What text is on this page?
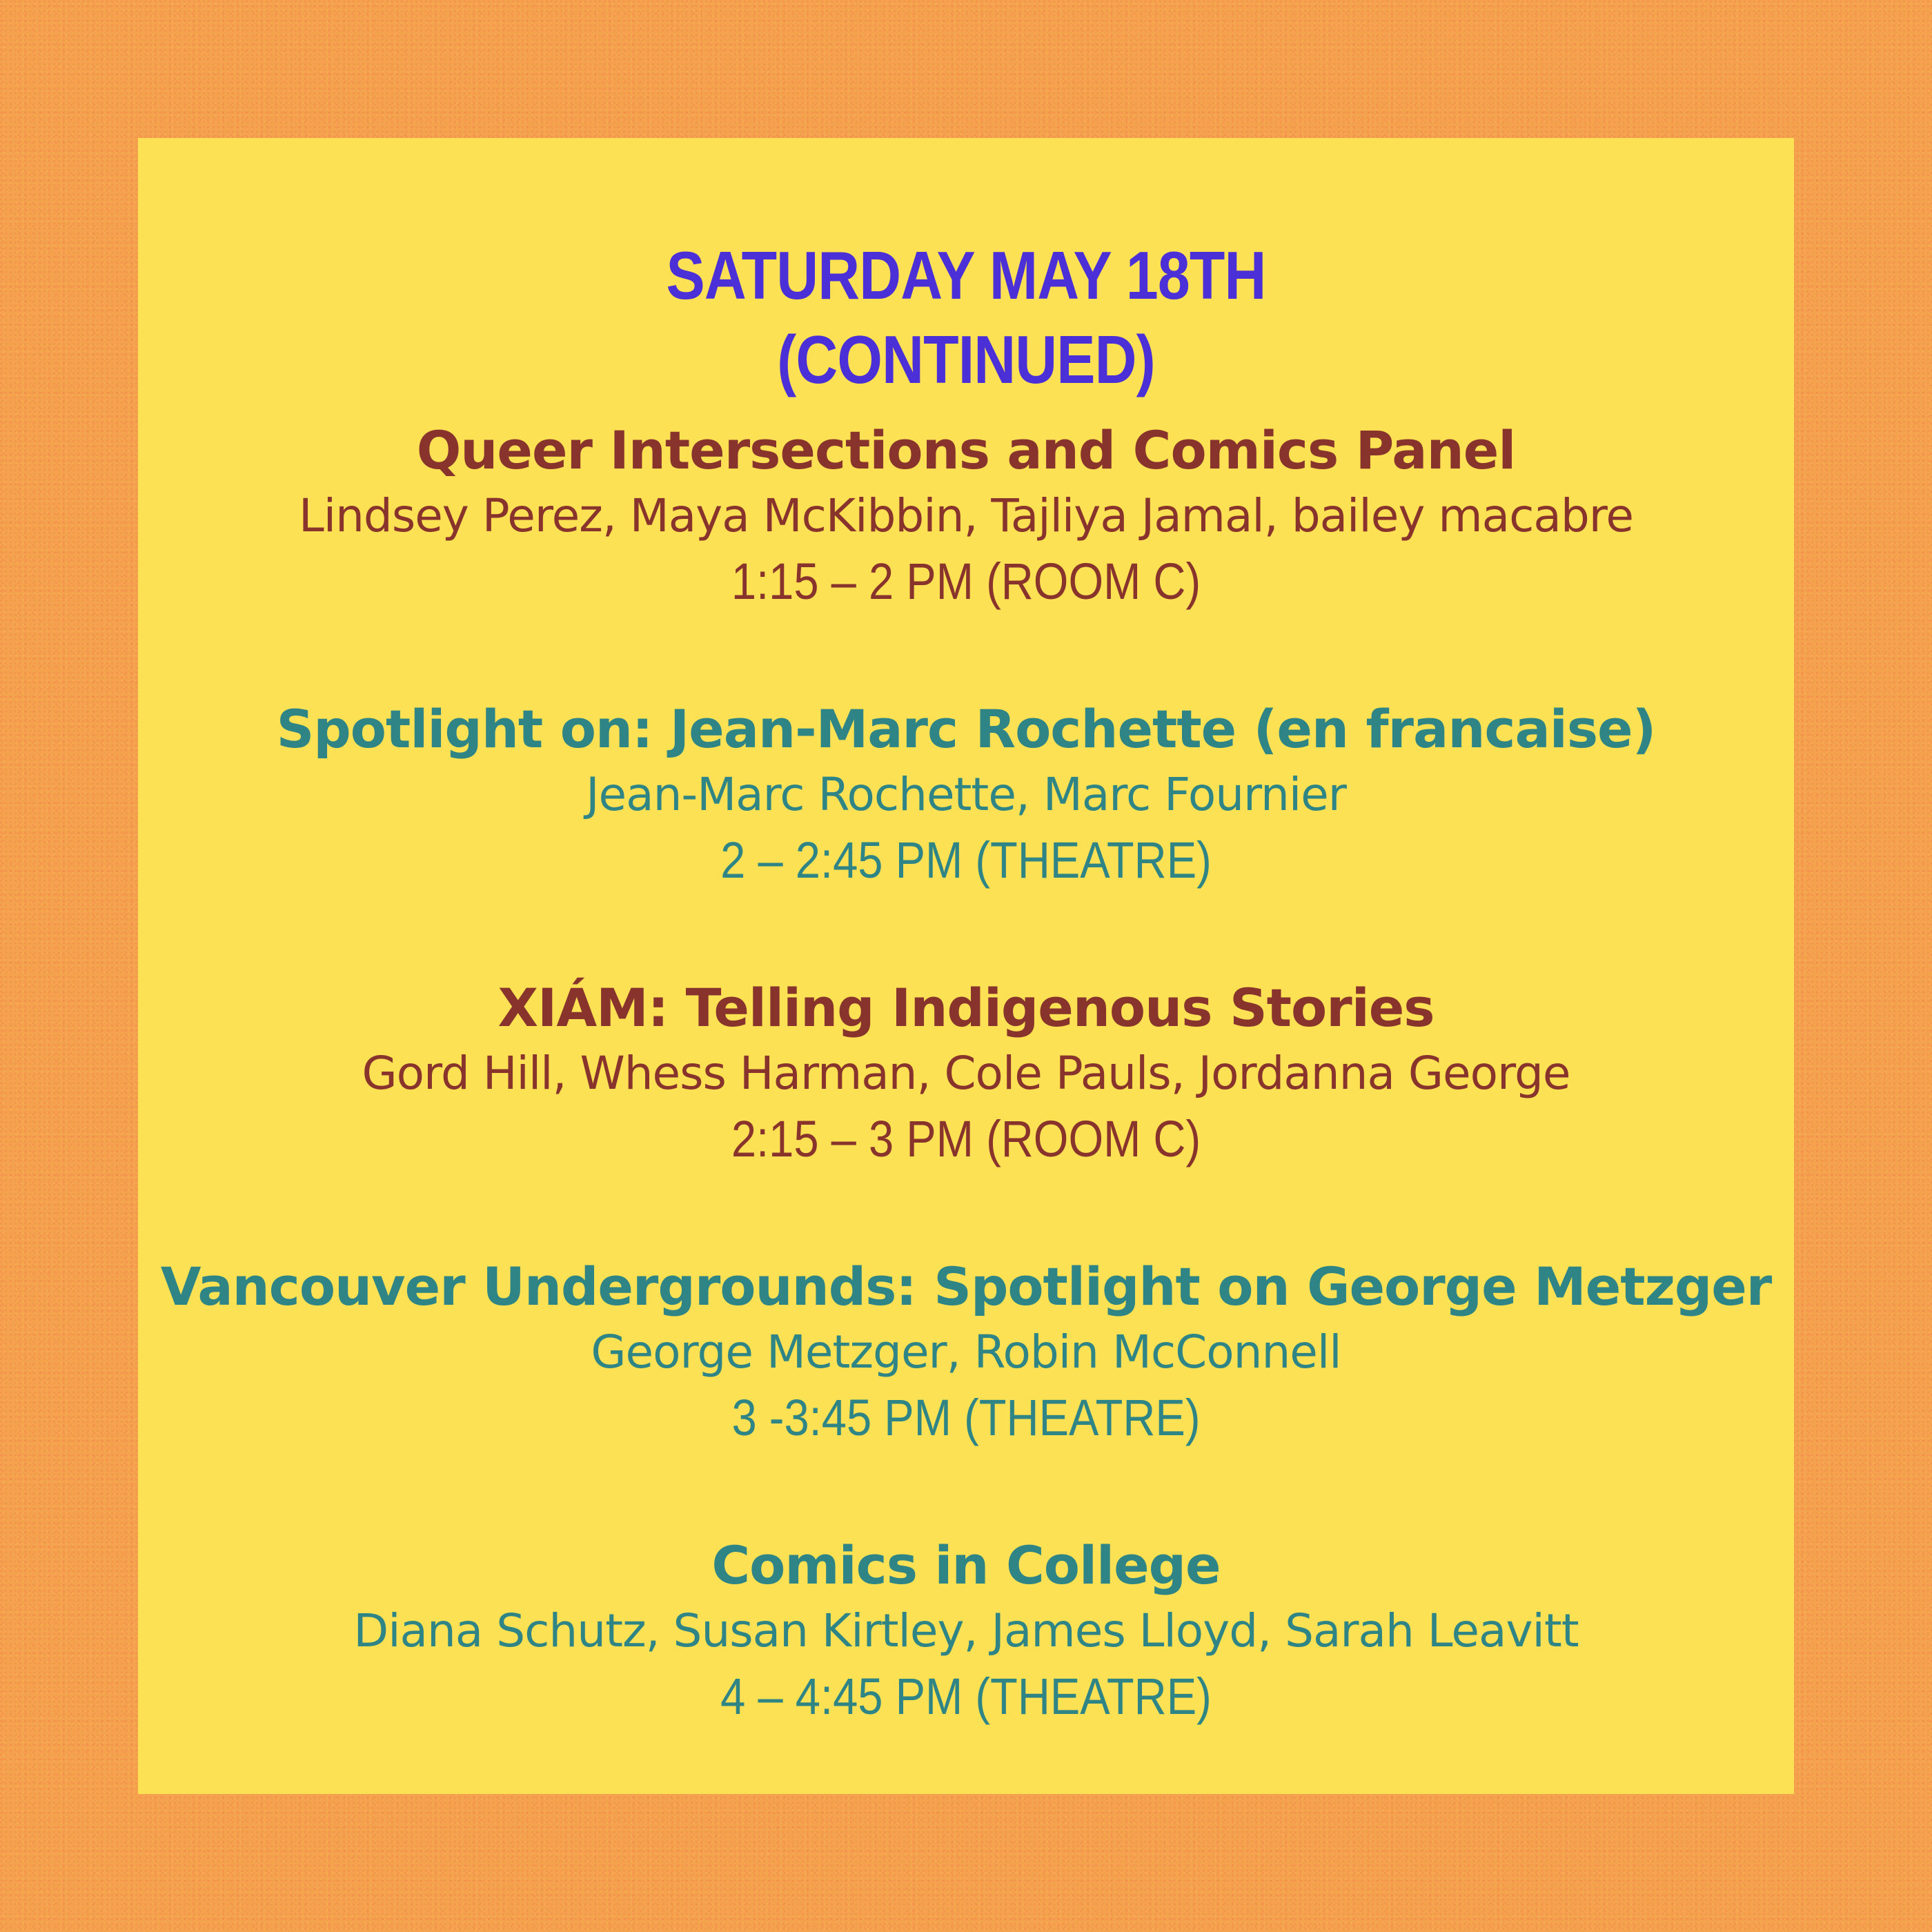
SATURDAY MAY 18TH
(CONTINUED)
Queer Intersections and Comics Panel
Lindsey Perez, Maya McKibbin, Tajliya Jamal, bailey macabre
1:15 – 2 PM (ROOM C)
Spotlight on: Jean-Marc Rochette (en francaise)
Jean-Marc Rochette, Marc Fournier
2 – 2:45 PM (THEATRE)
XIÁM: Telling Indigenous Stories
Gord Hill, Whess Harman, Cole Pauls, Jordanna George
2:15 – 3 PM (ROOM C)
Vancouver Undergrounds: Spotlight on George Metzger
George Metzger, Robin McConnell
3 -3:45 PM (THEATRE)
Comics in College
Diana Schutz, Susan Kirtley, James Lloyd, Sarah Leavitt
4 – 4:45 PM (THEATRE)
